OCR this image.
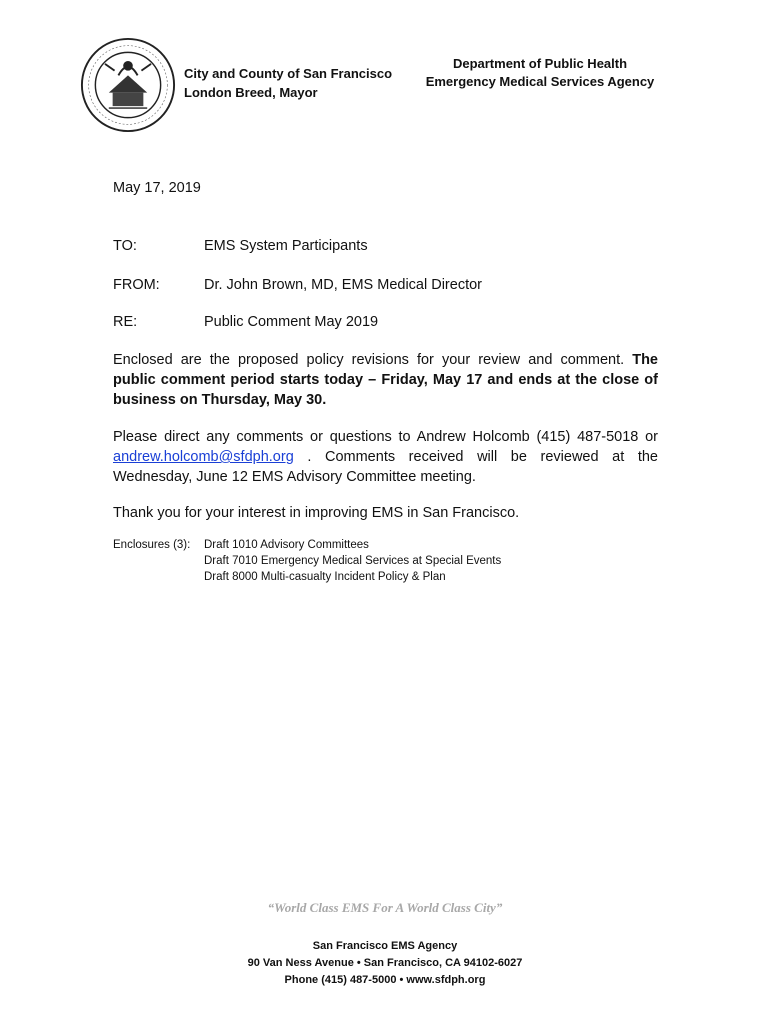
City and County of San Francisco
London Breed, Mayor
Department of Public Health
Emergency Medical Services Agency
May 17, 2019
TO:	EMS System Participants
FROM:	Dr. John Brown, MD, EMS Medical Director
RE:	Public Comment May 2019
Enclosed are the proposed policy revisions for your review and comment. The public comment period starts today – Friday, May 17 and ends at the close of business on Thursday, May 30.
Please direct any comments or questions to Andrew Holcomb (415) 487-5018 or andrew.holcomb@sfdph.org . Comments received will be reviewed at the Wednesday, June 12 EMS Advisory Committee meeting.
Thank you for your interest in improving EMS in San Francisco.
Enclosures (3): Draft 1010 Advisory Committees
Draft 7010 Emergency Medical Services at Special Events
Draft 8000 Multi-casualty Incident Policy & Plan
“World Class EMS For A World Class City”
San Francisco EMS Agency
90 Van Ness Avenue • San Francisco, CA 94102-6027
Phone (415) 487-5000 • www.sfdph.org
